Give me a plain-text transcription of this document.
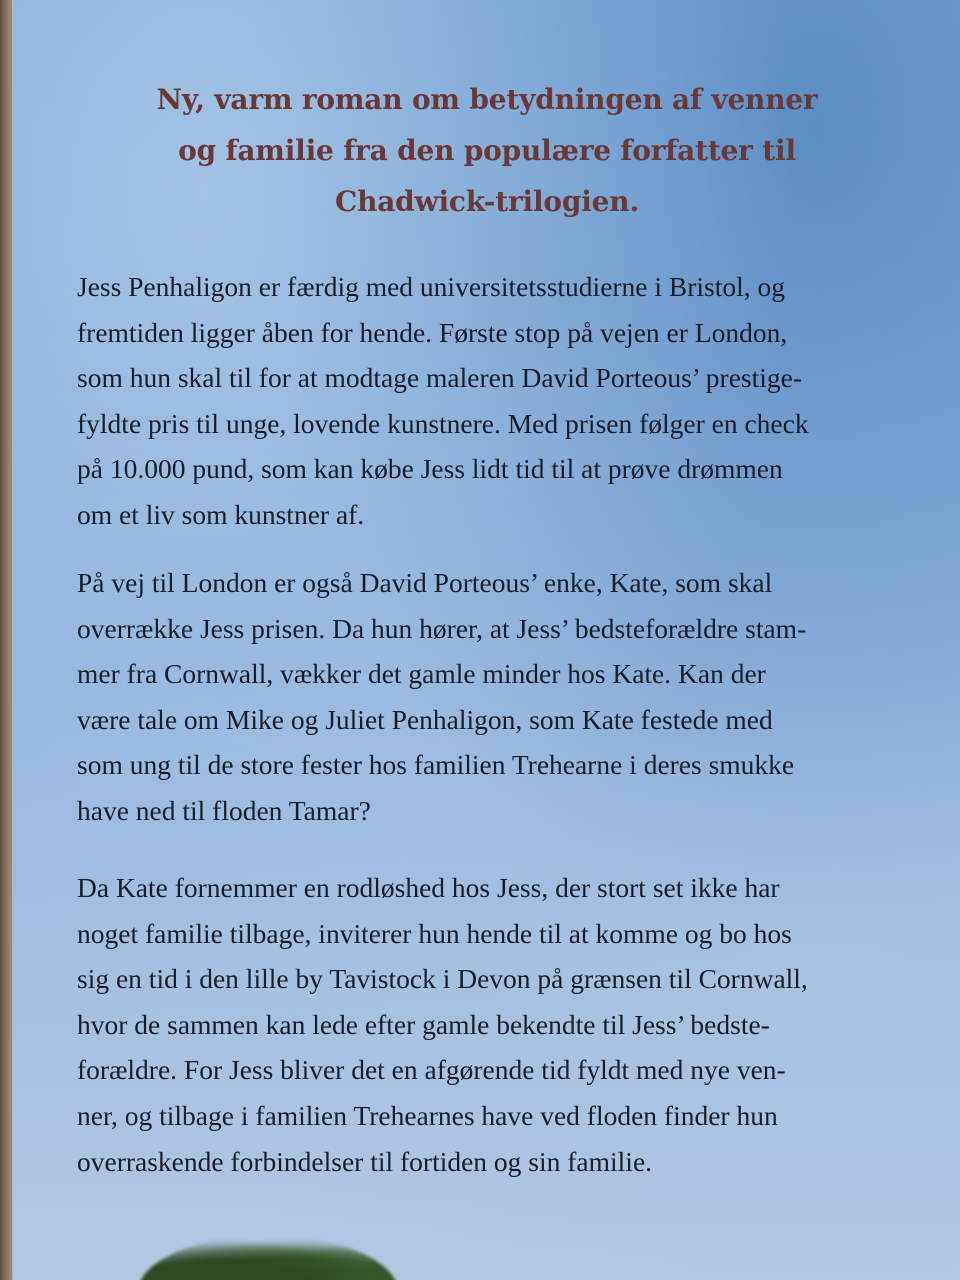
Ny, varm roman om betydningen af venner
og familie fra den populære forfatter til
Chadwick-trilogien.
Jess Penhaligon er færdig med universitetsstudierne i Bristol, og
fremtiden ligger åben for hende. Første stop på vejen er London,
som hun skal til for at modtage maleren David Porteous’ prestige-
fyldte pris til unge, lovende kunstnere. Med prisen følger en check
på 10.000 pund, som kan købe Jess lidt tid til at prøve drømmen
om et liv som kunstner af.
På vej til London er også David Porteous’ enke, Kate, som skal
overrække Jess prisen. Da hun hører, at Jess’ bedsteforældre stam-
mer fra Cornwall, vækker det gamle minder hos Kate. Kan der
være tale om Mike og Juliet Penhaligon, som Kate festede med
som ung til de store fester hos familien Trehearne i deres smukke
have ned til floden Tamar?
Da Kate fornemmer en rodløshed hos Jess, der stort set ikke har
noget familie tilbage, inviterer hun hende til at komme og bo hos
sig en tid i den lille by Tavistock i Devon på grænsen til Cornwall,
hvor de sammen kan lede efter gamle bekendte til Jess’ bedste-
forældre. For Jess bliver det en afgørende tid fyldt med nye ven-
ner, og tilbage i familien Trehearnes have ved floden finder hun
overraskende forbindelser til fortiden og sin familie.
